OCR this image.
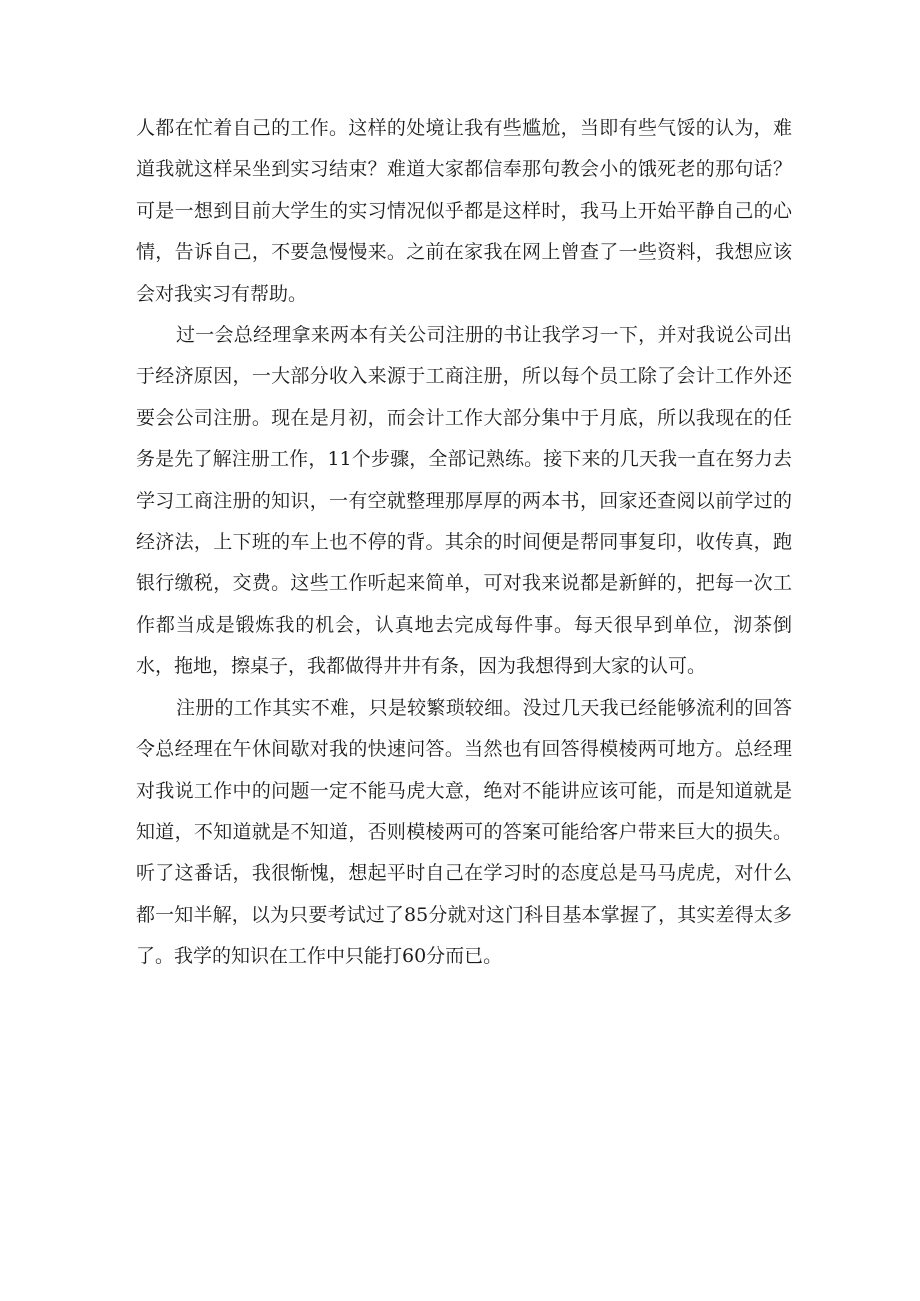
人都在忙着自己的工作。这样的处境让我有些尴尬，当即有些气馁的认为，难道我就这样呆坐到实习结束？难道大家都信奉那句教会小的饿死老的那句话？可是一想到目前大学生的实习情况似乎都是这样时，我马上开始平静自己的心情，告诉自己，不要急慢慢来。之前在家我在网上曾查了一些资料，我想应该会对我实习有帮助。

过一会总经理拿来两本有关公司注册的书让我学习一下，并对我说公司出于经济原因，一大部分收入来源于工商注册，所以每个员工除了会计工作外还要会公司注册。现在是月初，而会计工作大部分集中于月底，所以我现在的任务是先了解注册工作，11个步骤，全部记熟练。接下来的几天我一直在努力去学习工商注册的知识，一有空就整理那厚厚的两本书，回家还查阅以前学过的经济法，上下班的车上也不停的背。其余的时间便是帮同事复印，收传真，跑银行缴税，交费。这些工作听起来简单，可对我来说都是新鲜的，把每一次工作都当成是锻炼我的机会，认真地去完成每件事。每天很早到单位，沏茶倒水，拖地，擦桌子，我都做得井井有条，因为我想得到大家的认可。

注册的工作其实不难，只是较繁琐较细。没过几天我已经能够流利的回答令总经理在午休间歇对我的快速问答。当然也有回答得模棱两可地方。总经理对我说工作中的问题一定不能马虎大意，绝对不能讲应该可能，而是知道就是知道，不知道就是不知道，否则模棱两可的答案可能给客户带来巨大的损失。听了这番话，我很惭愧，想起平时自己在学习时的态度总是马马虎虎，对什么都一知半解，以为只要考试过了85分就对这门科目基本掌握了，其实差得太多了。我学的知识在工作中只能打60分而已。
